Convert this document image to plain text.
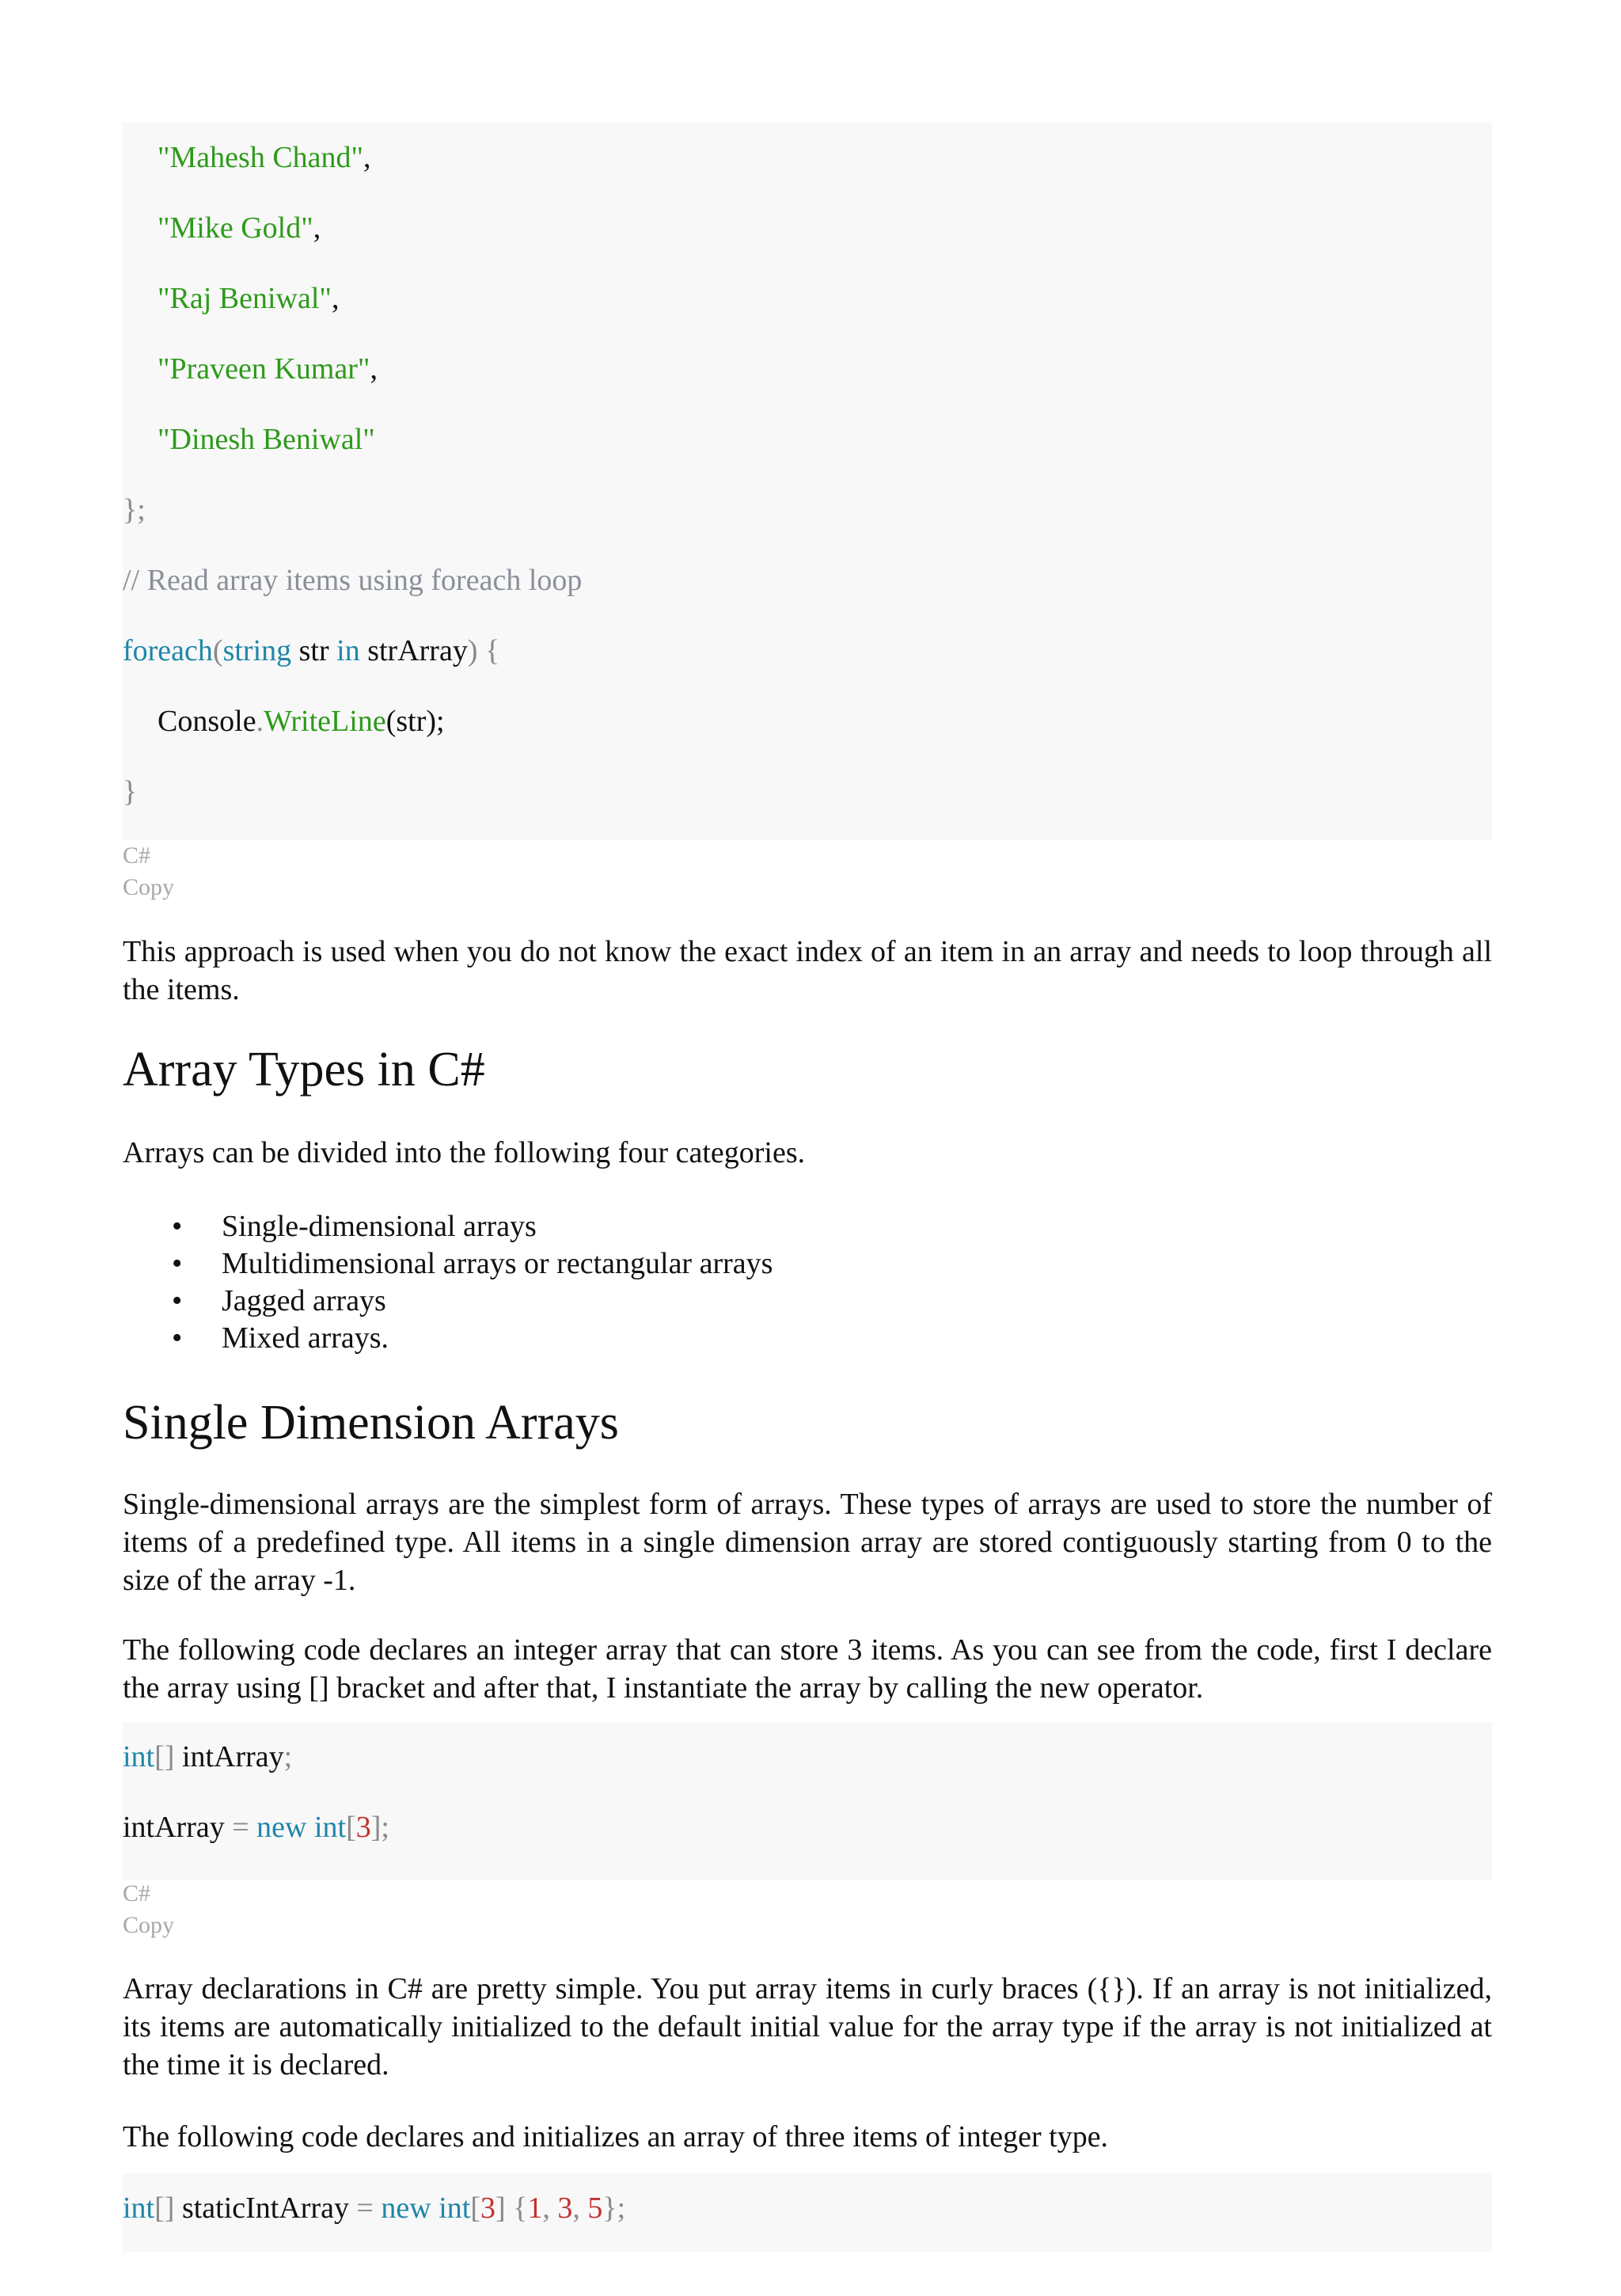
"Mahesh Chand",
"Mike Gold",
"Raj Beniwal",
"Praveen Kumar",
"Dinesh Beniwal"
};
// Read array items using foreach loop
foreach(string str in strArray) {
Console.WriteLine(str);
}
C#
Copy

This approach is used when you do not know the exact index of an item in an array and needs to loop through all the items.

Array Types in C#

Arrays can be divided into the following four categories.

• Single-dimensional arrays
• Multidimensional arrays or rectangular arrays
• Jagged arrays
• Mixed arrays.
Single Dimension Arrays

Single-dimensional arrays are the simplest form of arrays. These types of arrays are used to store the number of items of a predefined type. All items in a single dimension array are stored contiguously starting from 0 to the size of the array -1.

The following code declares an integer array that can store 3 items. As you can see from the code, first I declare the array using [] bracket and after that, I instantiate the array by calling the new operator.

int[] intArray;
intArray = new int[3];
C#
Copy

Array declarations in C# are pretty simple. You put array items in curly braces ({}). If an array is not initialized, its items are automatically initialized to the default initial value for the array type if the array is not initialized at the time it is declared.

The following code declares and initializes an array of three items of integer type.

int[] staticIntArray = new int[3] {1, 3, 5};
